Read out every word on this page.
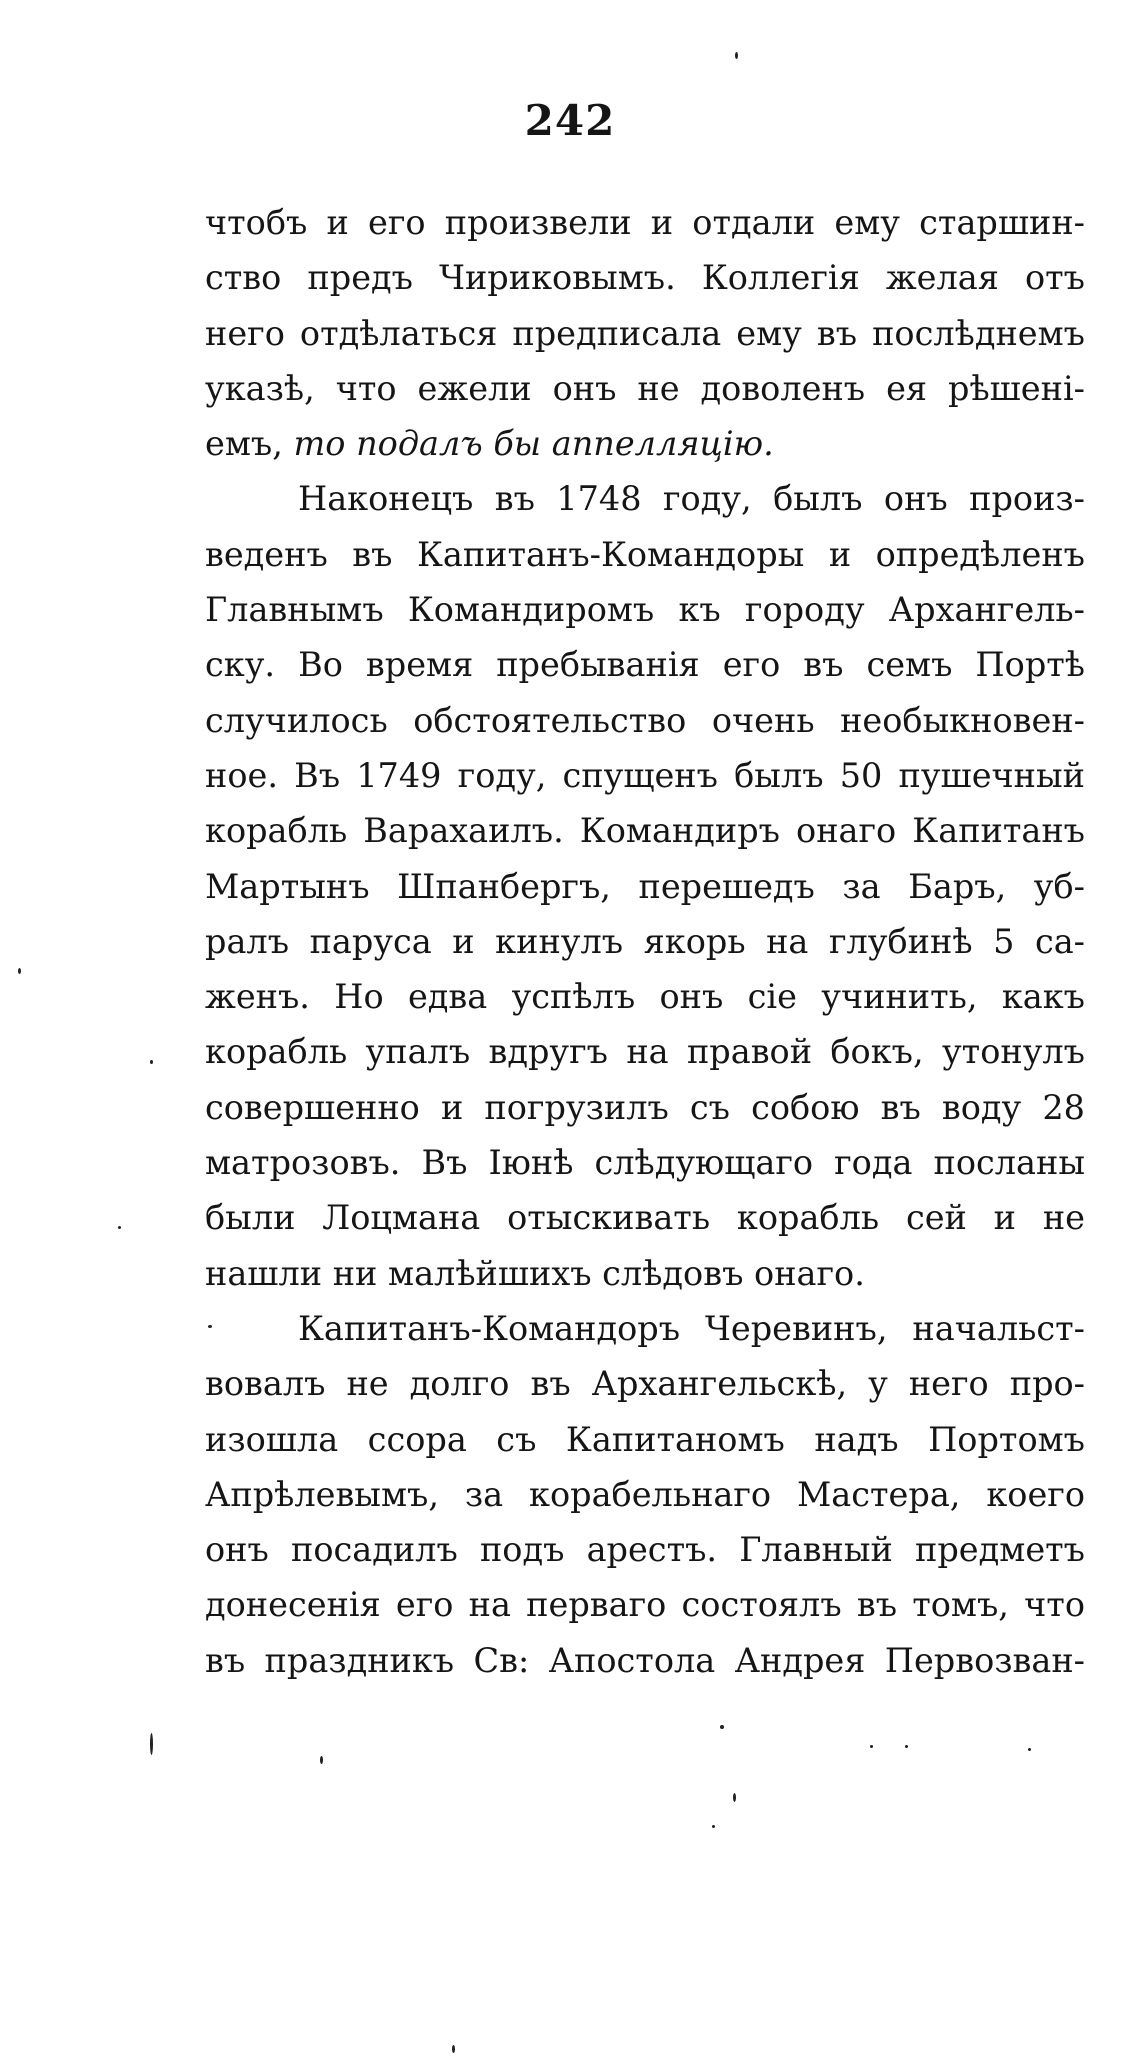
242
чтобъ и его произвели и отдали ему старшин-
ство предъ Чириковымъ. Коллегія желая отъ
него отдѣлаться предписала ему въ послѣднемъ
указѣ, что ежели онъ не доволенъ ея рѣшені-
емъ, то подалъ бы аппелляцію.
Наконецъ въ 1748 году, былъ онъ произ-
веденъ въ Капитанъ-Командоры и опредѣленъ
Главнымъ Командиромъ къ городу Архангель-
ску. Во время пребыванія его въ семъ Портѣ
случилось обстоятельство очень необыкновен-
ное. Въ 1749 году, спущенъ былъ 50 пушечный
корабль Варахаилъ. Командиръ онаго Капитанъ
Мартынъ Шпанбергъ, перешедъ за Баръ, уб-
ралъ паруса и кинулъ якорь на глубинѣ 5 са-
женъ. Но едва успѣлъ онъ сіе учинить, какъ
корабль упалъ вдругъ на правой бокъ, утонулъ
совершенно и погрузилъ съ собою въ воду 28
матрозовъ. Въ Іюнѣ слѣдующаго года посланы
были Лоцмана отыскивать корабль сей и не
нашли ни малѣйшихъ слѣдовъ онаго.
Капитанъ-Командоръ Черевинъ, начальст-
вовалъ не долго въ Архангельскѣ, у него про-
изошла ссора съ Капитаномъ надъ Портомъ
Апрѣлевымъ, за корабельнаго Мастера, коего
онъ посадилъ подъ арестъ. Главный предметъ
донесенія его на перваго состоялъ въ томъ, что
въ праздникъ Св: Апостола Андрея Первозван-
